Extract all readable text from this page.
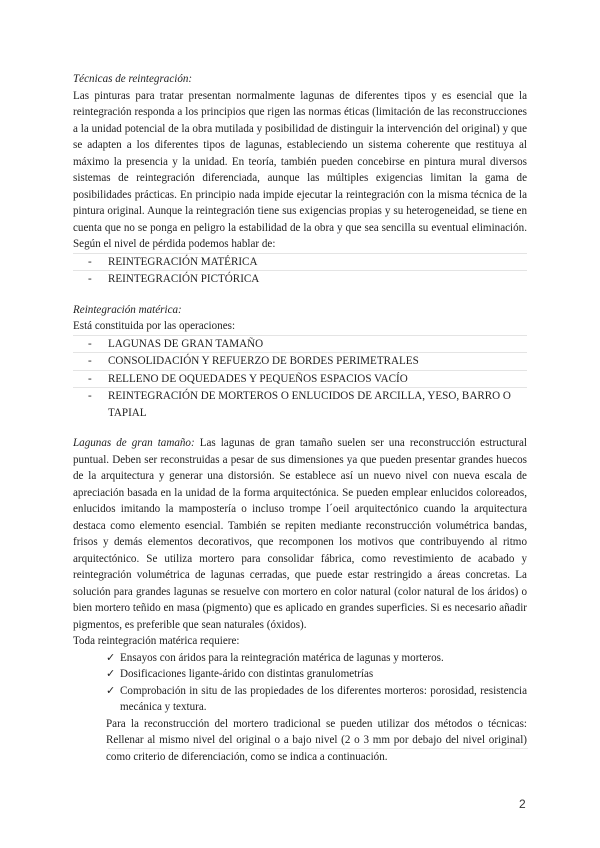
Técnicas de reintegración:

Las pinturas para tratar presentan normalmente lagunas de diferentes tipos y es esencial que la reintegración responda a los principios que rigen las normas éticas (limitación de las reconstrucciones a la unidad potencial de la obra mutilada y posibilidad de distinguir la intervención del original) y que se adapten a los diferentes tipos de lagunas, estableciendo un sistema coherente que restituya al máximo la presencia y la unidad. En teoría, también pueden concebirse en pintura mural diversos sistemas de reintegración diferenciada, aunque las múltiples exigencias limitan la gama de posibilidades prácticas. En principio nada impide ejecutar la reintegración con la misma técnica de la pintura original. Aunque la reintegración tiene sus exigencias propias y su heterogeneidad, se tiene en cuenta que no se ponga en peligro la estabilidad de la obra y que sea sencilla su eventual eliminación. Según el nivel de pérdida podemos hablar de:

- REINTEGRACIÓN MATÉRICA
- REINTEGRACIÓN PICTÓRICA

Reintegración matérica:

Está constituida por las operaciones:

- LAGUNAS DE GRAN TAMAÑO
- CONSOLIDACIÓN Y REFUERZO DE BORDES PERIMETRALES
- RELLENO DE OQUEDADES Y PEQUEÑOS ESPACIOS VACÍO
- REINTEGRACIÓN DE MORTEROS O ENLUCIDOS DE ARCILLA, YESO, BARRO O TAPIAL

Lagunas de gran tamaño: Las lagunas de gran tamaño suelen ser una reconstrucción estructural puntual. Deben ser reconstruidas a pesar de sus dimensiones ya que pueden presentar grandes huecos de la arquitectura y generar una distorsión. Se establece así un nuevo nivel con nueva escala de apreciación basada en la unidad de la forma arquitectónica. Se pueden emplear enlucidos coloreados, enlucidos imitando la mampostería o incluso trompe l´oeil arquitectónico cuando la arquitectura destaca como elemento esencial. También se repiten mediante reconstrucción volumétrica bandas, frisos y demás elementos decorativos, que recomponen los motivos que contribuyendo al ritmo arquitectónico. Se utiliza mortero para consolidar fábrica, como revestimiento de acabado y reintegración volumétrica de lagunas cerradas, que puede estar restringido a áreas concretas. La solución para grandes lagunas se resuelve con mortero en color natural (color natural de los áridos) o bien mortero teñido en masa (pigmento) que es aplicado en grandes superficies. Si es necesario añadir pigmentos, es preferible que sean naturales (óxidos).

Toda reintegración matérica requiere:

✓ Ensayos con áridos para la reintegración matérica de lagunas y morteros.
✓ Dosificaciones ligante-árido con distintas granulometrías
✓ Comprobación in situ de las propiedades de los diferentes morteros: porosidad, resistencia mecánica y textura.

Para la reconstrucción del mortero tradicional se pueden utilizar dos métodos o técnicas: Rellenar al mismo nivel del original o a bajo nivel (2 o 3 mm por debajo del nivel original) como criterio de diferenciación, como se indica a continuación.

2
